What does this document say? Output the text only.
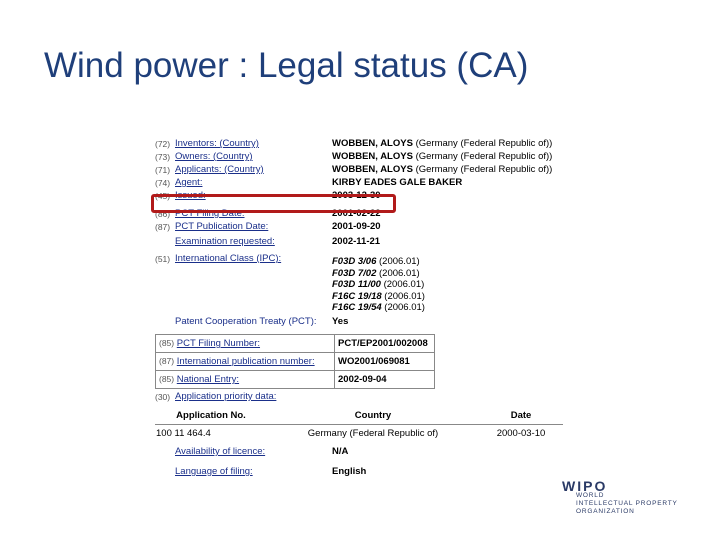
Wind power : Legal status (CA)
(72) Inventors: (Country)	WOBBEN, ALOYS (Germany (Federal Republic of))
(73) Owners: (Country)	WOBBEN, ALOYS (Germany (Federal Republic of))
(71) Applicants: (Country)	WOBBEN, ALOYS (Germany (Federal Republic of))
(74) Agent:	KIRBY EADES GALE BAKER
(45) Issued:	2003-12-30
(86) PCT Filing Date:	2001-02-22
(87) PCT Publication Date:	2001-09-20
Examination requested:	2002-11-21
(51) International Class (IPC):	F03D 3/06 (2006.01)
F03D 7/02 (2006.01)
F03D 11/00 (2006.01)
F16C 19/18 (2006.01)
F16C 19/54 (2006.01)
Patent Cooperation Treaty (PCT): Yes
(85) PCT Filing Number:	PCT/EP2001/002008
(87) International publication number:	WO2001/069081
(85) National Entry:	2002-09-04
(30) Application priority data:
Application No.	Country	Date
100 11 464.4	Germany (Federal Republic of)	2000-03-10
Availability of licence:	N/A
Language of filing:	English
WIPO
WORLD
INTELLECTUAL PROPERTY
ORGANIZATION
